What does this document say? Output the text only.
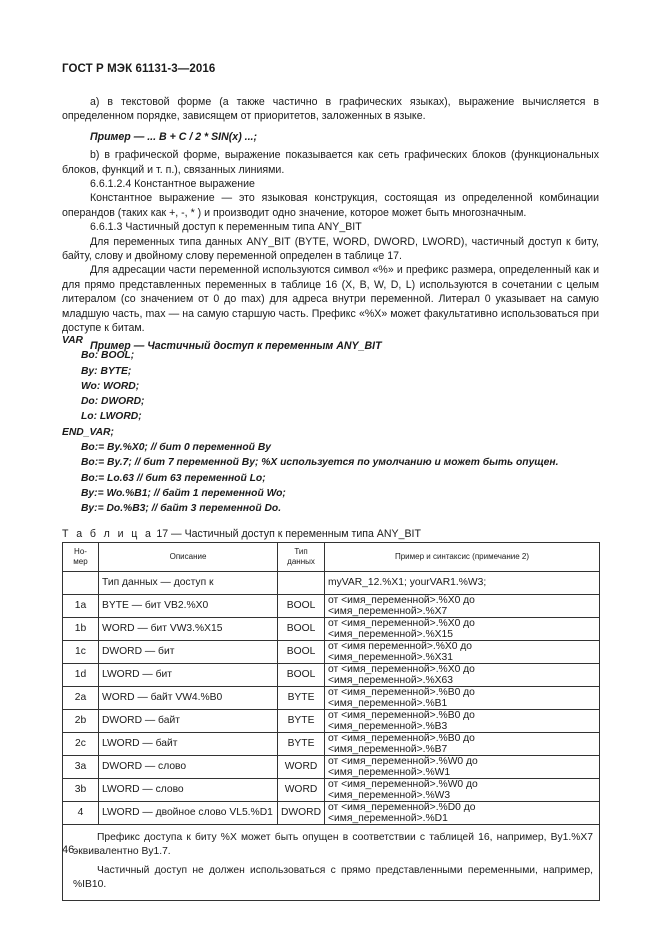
ГОСТ Р МЭК 61131-3—2016

а) в текстовой форме (а также частично в графических языках), выражение вычисляется в определенном порядке, зависящем от приоритетов, заложенных в языке.

Пример — ... B + C / 2 * SIN(x) ...;

b) в графической форме, выражение показывается как сеть графических блоков (функциональных блоков, функций и т. п.), связанных линиями.

6.6.1.2.4 Константное выражение

Константное выражение — это языковая конструкция, состоящая из определенной комбинации операндов (таких как +, -, * ) и производит одно значение, которое может быть многозначным.

6.6.1.3 Частичный доступ к переменным типа ANY_BIT

Для переменных типа данных ANY_BIT (BYTE, WORD, DWORD, LWORD), частичный доступ к биту, байту, слову и двойному слову переменной определен в таблице 17.

Для адресации части переменной используются символ «%» и префикс размера, определенный как и для прямо представленных переменных в таблице 16 (X, B, W, D, L) используются в сочетании с целым литералом (со значением от 0 до max) для адреса внутри переменной. Литерал 0 указывает на самую младшую часть, max — на самую старшую часть. Префикс «%X» может факультативно использоваться при доступе к битам.

Пример — Частичный доступ к переменным ANY_BIT

VAR
Bo: BOOL;
By: BYTE;
Wo: WORD;
Do: DWORD;
Lo: LWORD;
END_VAR;
Bo:= By.%X0; // бит 0 переменной By
Bo:= By.7; // бит 7 переменной By; %X используется по умолчанию и может быть опущен.
Bo:= Lo.63 // бит 63 переменной Lo;
By:= Wo.%B1; // байт 1 переменной Wo;
By:= Do.%B3; // байт 3 переменной Do.
Т а б л и ц а 17 — Частичный доступ к переменным типа ANY_BIT
Но-
мер	Описание	Тип
данных	Пример и синтаксис (примечание 2)
	Тип данных — доступ к		myVAR_12.%X1; yourVAR1.%W3;
1a	BYTE — бит VB2.%X0	BOOL	от <имя_переменной>.%X0 до <имя_переменной>.%X7
1b	WORD — бит VW3.%X15	BOOL	от <имя_переменной>.%X0 до <имя_переменной>.%X15
1c	DWORD — бит	BOOL	от <имя переменной>.%X0 до <имя_переменной>.%X31
1d	LWORD — бит	BOOL	от <имя_переменной>.%X0 до <имя_переменной>.%X63
2a	WORD — байт VW4.%B0	BYTE	от <имя_переменной>.%B0 до <имя_переменной>.%B1
2b	DWORD — байт	BYTE	от <имя_переменной>.%B0 до <имя_переменной>.%B3
2c	LWORD — байт	BYTE	от <имя_переменной>.%B0 до <имя_переменной>.%B7
3a	DWORD — слово	WORD	от <имя_переменной>.%W0 до <имя_переменной>.%W1
3b	LWORD — слово	WORD	от <имя_переменной>.%W0 до <имя_переменной>.%W3
4	LWORD — двойное слово VL5.%D1	DWORD	от <имя_переменной>.%D0 до <имя_переменной>.%D1

Префикс доступа к биту %X может быть опущен в соответствии с таблицей 16, например, By1.%X7 эквивалентно By1.7.

Частичный доступ не должен использоваться с прямо представленными переменными, например, %IB10.			

46
